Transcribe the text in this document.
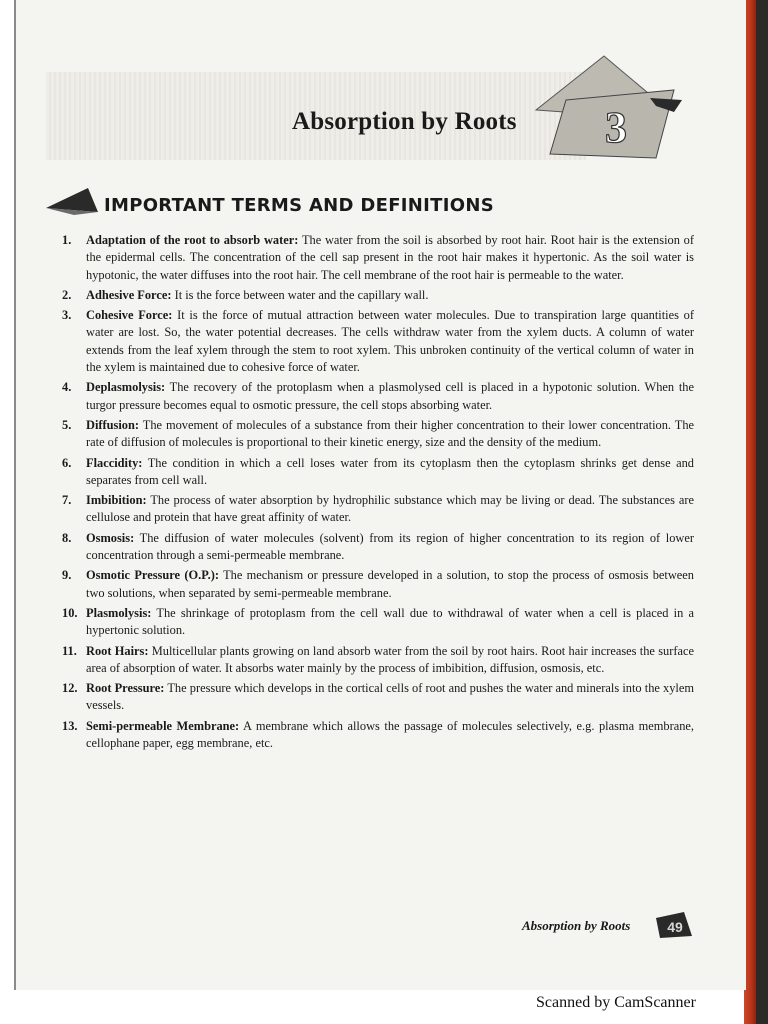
Absorption by Roots 3
IMPORTANT TERMS AND DEFINITIONS
1. Adaptation of the root to absorb water: The water from the soil is absorbed by root hair. Root hair is the extension of the epidermal cells. The concentration of the cell sap present in the root hair makes it hypertonic. As the soil water is hypotonic, the water diffuses into the root hair. The cell membrane of the root hair is permeable to the water.
2. Adhesive Force: It is the force between water and the capillary wall.
3. Cohesive Force: It is the force of mutual attraction between water molecules. Due to transpiration large quantities of water are lost. So, the water potential decreases. The cells withdraw water from the xylem ducts. A column of water extends from the leaf xylem through the stem to root xylem. This unbroken continuity of the vertical column of water in the xylem is maintained due to cohesive force of water.
4. Deplasmolysis: The recovery of the protoplasm when a plasmolysed cell is placed in a hypotonic solution. When the turgor pressure becomes equal to osmotic pressure, the cell stops absorbing water.
5. Diffusion: The movement of molecules of a substance from their higher concentration to their lower concentration. The rate of diffusion of molecules is proportional to their kinetic energy, size and the density of the medium.
6. Flaccidity: The condition in which a cell loses water from its cytoplasm then the cytoplasm shrinks get dense and separates from cell wall.
7. Imbibition: The process of water absorption by hydrophilic substance which may be living or dead. The substances are cellulose and protein that have great affinity of water.
8. Osmosis: The diffusion of water molecules (solvent) from its region of higher concentration to its region of lower concentration through a semi-permeable membrane.
9. Osmotic Pressure (O.P.): The mechanism or pressure developed in a solution, to stop the process of osmosis between two solutions, when separated by semi-permeable membrane.
10. Plasmolysis: The shrinkage of protoplasm from the cell wall due to withdrawal of water when a cell is placed in a hypertonic solution.
11. Root Hairs: Multicellular plants growing on land absorb water from the soil by root hairs. Root hair increases the surface area of absorption of water. It absorbs water mainly by the process of imbibition, diffusion, osmosis, etc.
12. Root Pressure: The pressure which develops in the cortical cells of root and pushes the water and minerals into the xylem vessels.
13. Semi-permeable Membrane: A membrane which allows the passage of molecules selectively, e.g. plasma membrane, cellophane paper, egg membrane, etc.
Absorption by Roots	49
Scanned by CamScanner
